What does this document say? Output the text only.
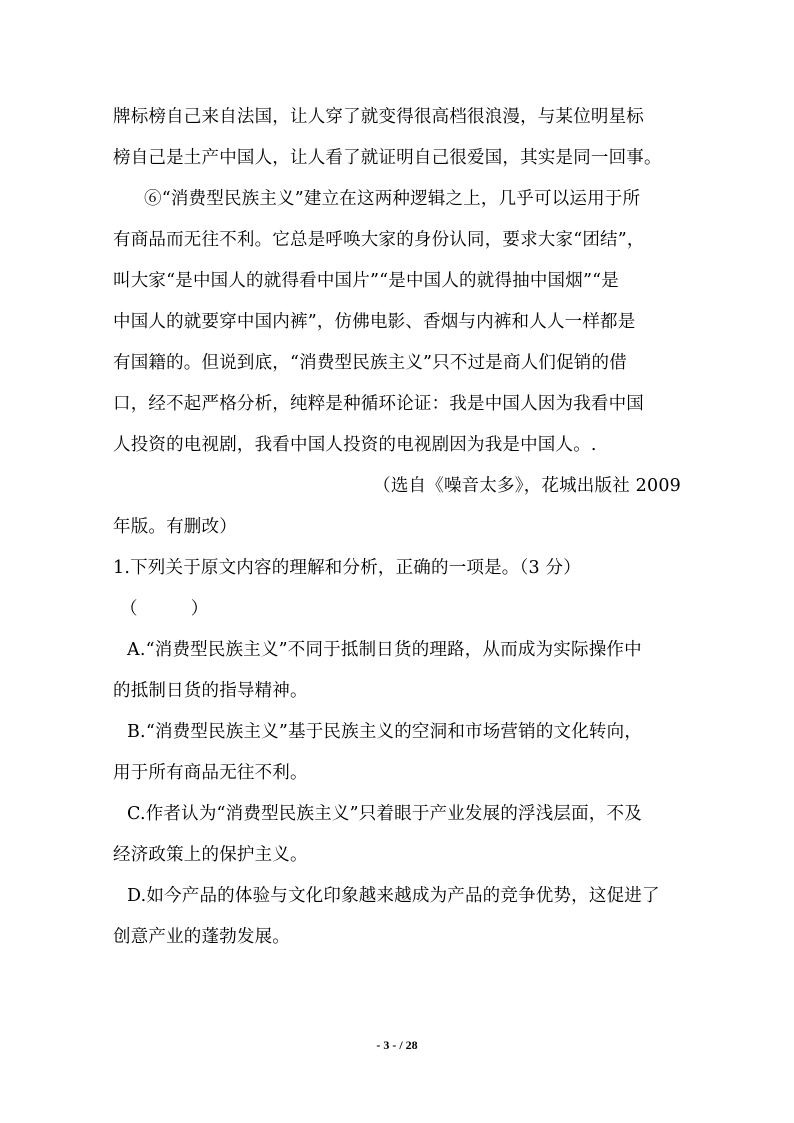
牌标榜自己来自法国，让人穿了就变得很高档很浪漫，与某位明星标
榜自己是土产中国人，让人看了就证明自己很爱国，其实是同一回事。
⑥“消费型民族主义”建立在这两种逻辑之上，几乎可以运用于所
有商品而无往不利。它总是呼唤大家的身份认同，要求大家“团结”，
叫大家“是中国人的就得看中国片”“是中国人的就得抽中国烟”“是
中国人的就要穿中国内裤”，仿佛电影、香烟与内裤和人人一样都是
有国籍的。但说到底，“消费型民族主义”只不过是商人们促销的借
口，经不起严格分析，纯粹是种循环论证：我是中国人因为我看中国
人投资的电视剧，我看中国人投资的电视剧因为我是中国人。.
（选自《噪音太多》，花城出版社 2009
年版。有删改）
1.下列关于原文内容的理解和分析，正确的一项是。（3 分）
（　　　）
A.“消费型民族主义”不同于抵制日货的理路，从而成为实际操作中
的抵制日货的指导精神。
B.“消费型民族主义”基于民族主义的空洞和市场营销的文化转向，
用于所有商品无往不利。
C.作者认为“消费型民族主义”只着眼于产业发展的浮浅层面，不及
经济政策上的保护主义。
D.如今产品的体验与文化印象越来越成为产品的竞争优势，这促进了
创意产业的蓬勃发展。
- 3 - / 28
